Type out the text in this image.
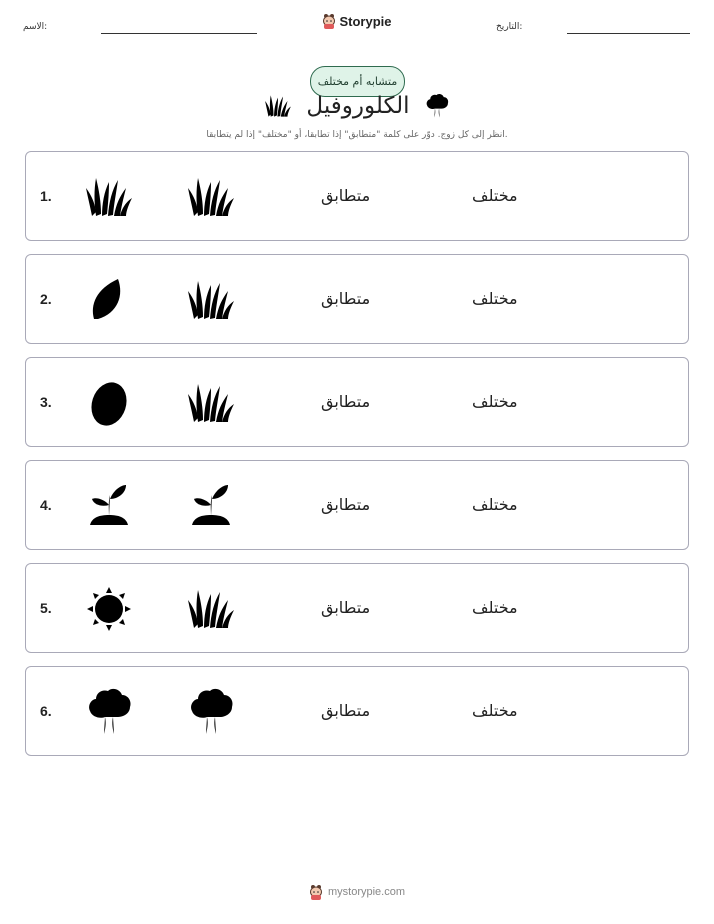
الاسم:	Storypie	التاريخ:
متشابه أم مختلف
الكلوروفيل
انظر إلى كل زوج. دوّر على كلمة "متطابق" إذا تطابقا، أو "مختلف" إذا لم يتطابقا.
1.	متطابق	مختلف
2.	متطابق	مختلف
3.	متطابق	مختلف
4.	متطابق	مختلف
5.	متطابق	مختلف
6.	متطابق	مختلف
mystorypie.com
